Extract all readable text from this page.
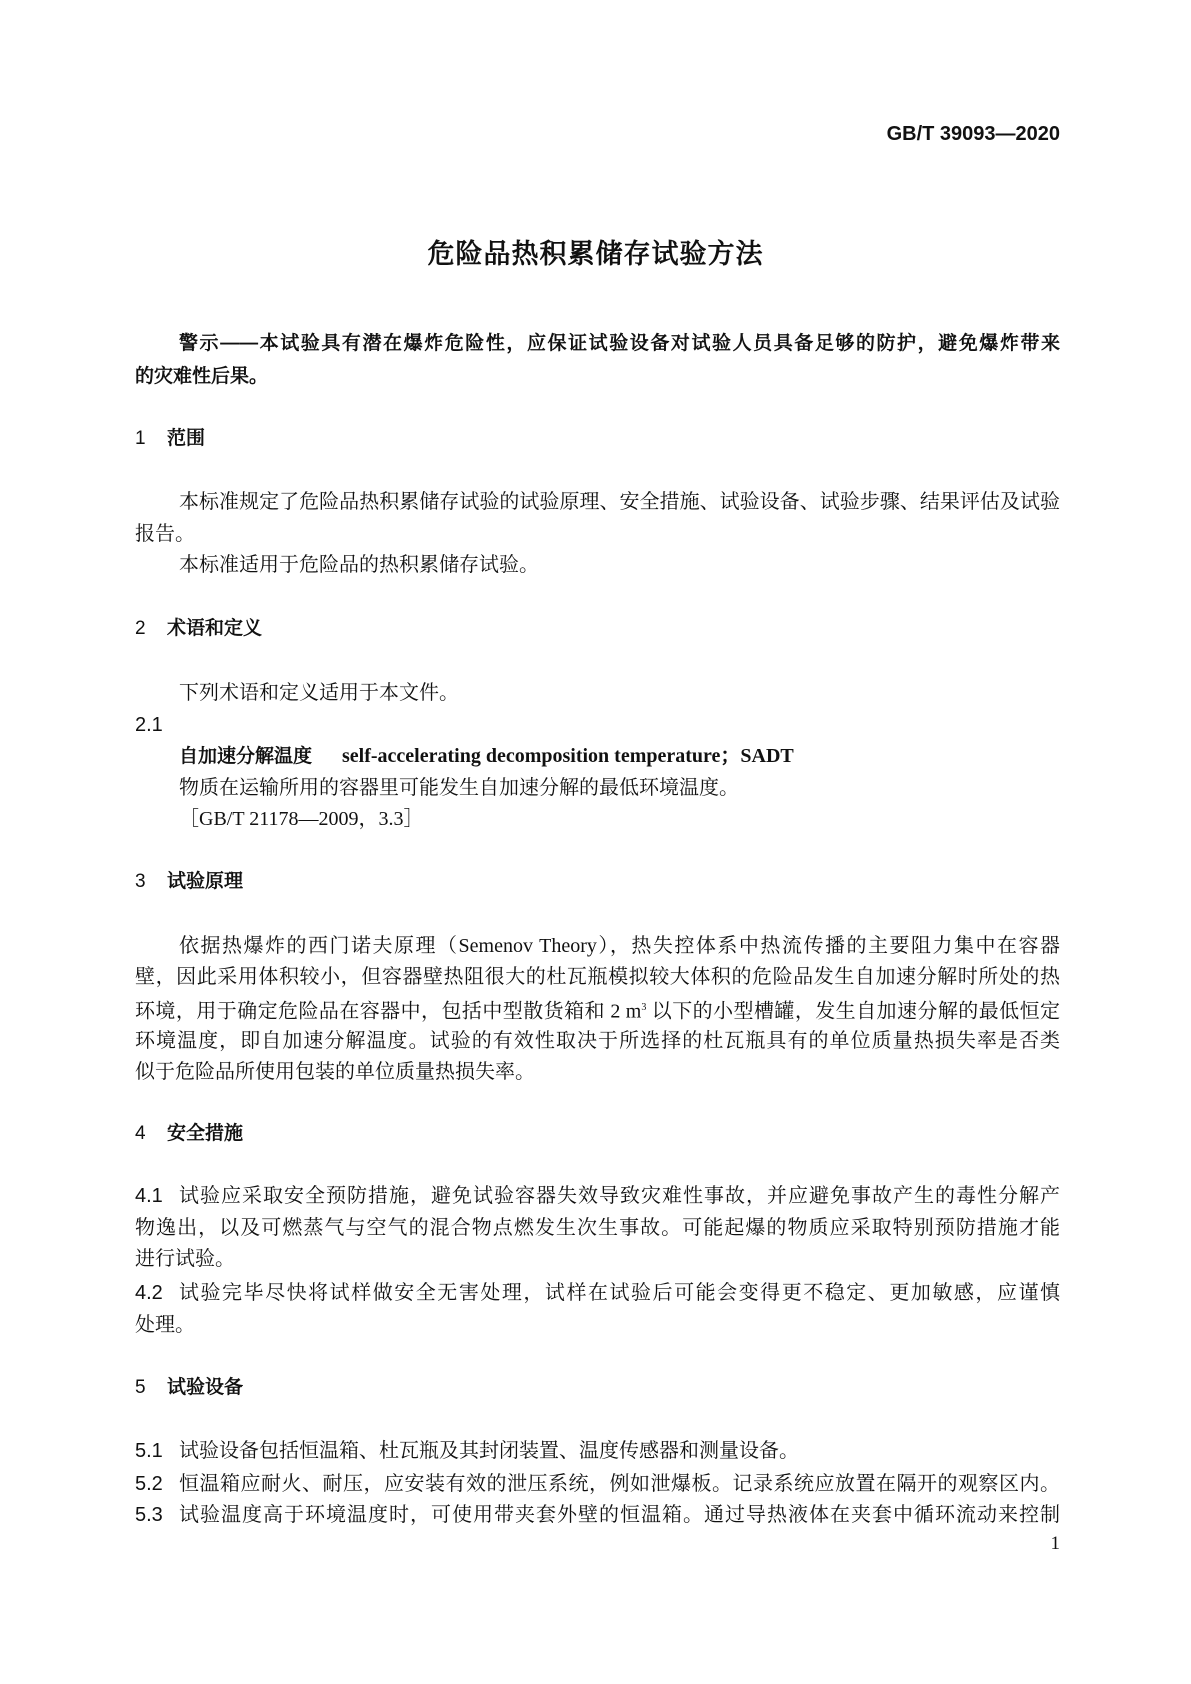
GB/T 39093—2020
危险品热积累储存试验方法
警示——本试验具有潜在爆炸危险性，应保证试验设备对试验人员具备足够的防护，避免爆炸带来
的灾难性后果。
1 范围
本标准规定了危险品热积累储存试验的试验原理、安全措施、试验设备、试验步骤、结果评估及试验
报告。
本标准适用于危险品的热积累储存试验。
2 术语和定义
下列术语和定义适用于本文件。
2.1
自加速分解温度 self-accelerating decomposition temperature；SADT
物质在运输所用的容器里可能发生自加速分解的最低环境温度。
［GB/T 21178—2009，3.3］
3 试验原理
依据热爆炸的西门诺夫原理（Semenov Theory），热失控体系中热流传播的主要阻力集中在容器
壁，因此采用体积较小，但容器壁热阻很大的杜瓦瓶模拟较大体积的危险品发生自加速分解时所处的热
环境，用于确定危险品在容器中，包括中型散货箱和 2 $m^3$ 以下的小型槽罐，发生自加速分解的最低恒定
环境温度，即自加速分解温度。试验的有效性取决于所选择的杜瓦瓶具有的单位质量热损失率是否类
似于危险品所使用包装的单位质量热损失率。
4 安全措施
4.1 试验应采取安全预防措施，避免试验容器失效导致灾难性事故，并应避免事故产生的毒性分解产
物逸出，以及可燃蒸气与空气的混合物点燃发生次生事故。可能起爆的物质应采取特别预防措施才能
进行试验。
4.2 试验完毕尽快将试样做安全无害处理，试样在试验后可能会变得更不稳定、更加敏感，应谨慎
处理。
5 试验设备
5.1 试验设备包括恒温箱、杜瓦瓶及其封闭装置、温度传感器和测量设备。
5.2 恒温箱应耐火、耐压，应安装有效的泄压系统，例如泄爆板。记录系统应放置在隔开的观察区内。
5.3 试验温度高于环境温度时，可使用带夹套外壁的恒温箱。通过导热液体在夹套中循环流动来控制
1
